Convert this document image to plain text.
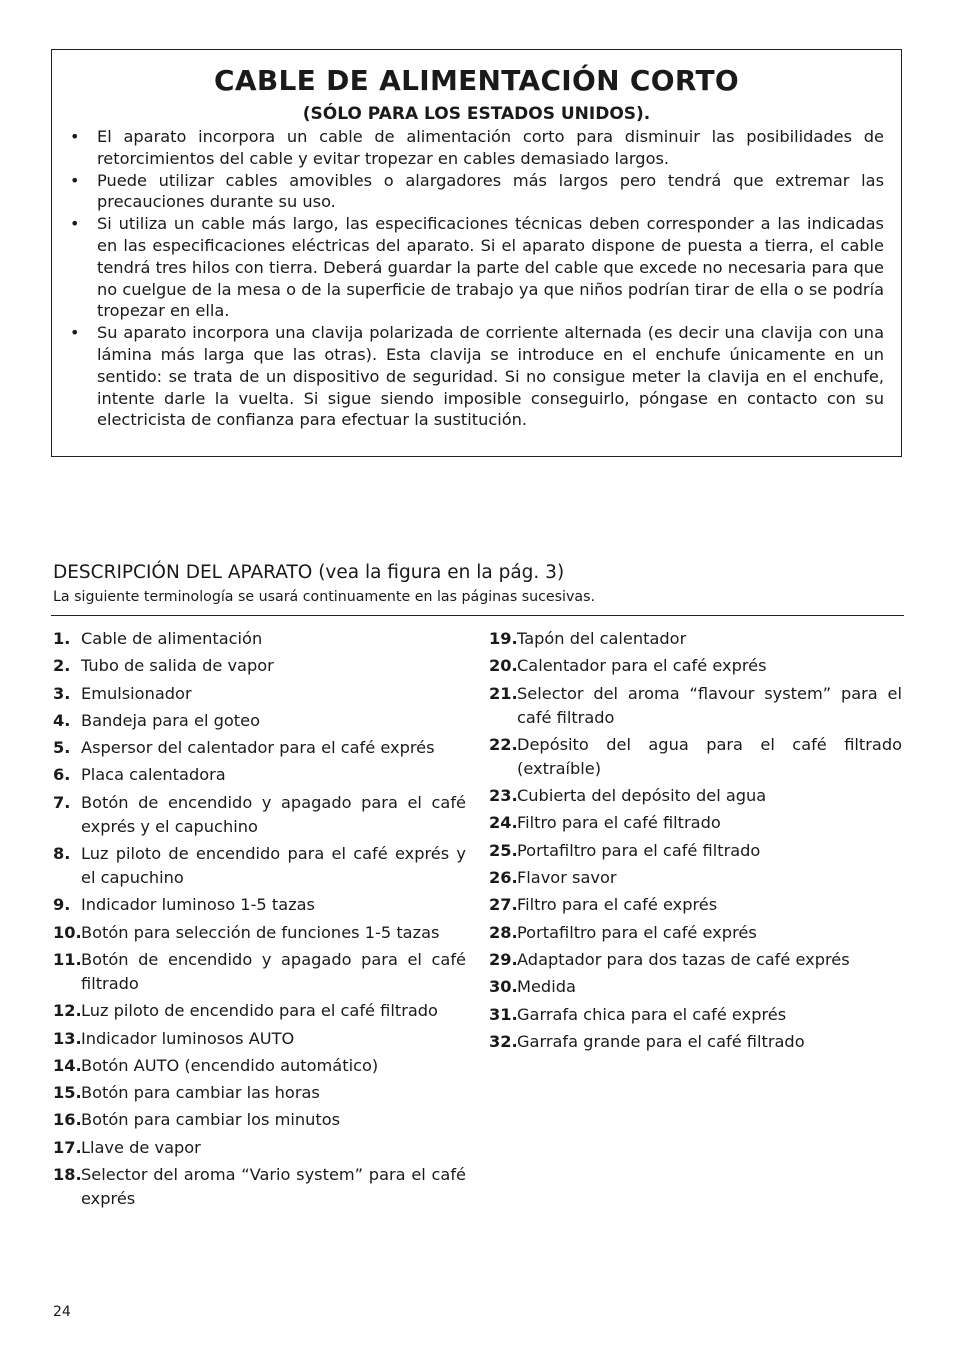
CABLE DE ALIMENTACIÓN CORTO
(SÓLO PARA LOS ESTADOS UNIDOS).
• El aparato incorpora un cable de alimentación corto para disminuir las posibilidades de retorcimientos del cable y evitar tropezar en cables demasiado largos.
• Puede utilizar cables amovibles o alargadores más largos pero tendrá que extremar las precauciones durante su uso.
• Si utiliza un cable más largo, las especificaciones técnicas deben corresponder a las indicadas en las especificaciones eléctricas del aparato. Si el aparato dispone de puesta a tierra, el cable tendrá tres hilos con tierra. Deberá guardar la parte del cable que excede no necesaria para que no cuelgue de la mesa o de la superficie de trabajo ya que niños podrían tirar de ella o se podría tropezar en ella.
• Su aparato incorpora una clavija polarizada de corriente alternada (es decir una clavija con una lámina más larga que las otras). Esta clavija se introduce en el enchufe únicamente en un sentido: se trata de un dispositivo de seguridad. Si no consigue meter la clavija en el enchufe, intente darle la vuelta. Si sigue siendo imposible conseguirlo, póngase en contacto con su electricista de confianza para efectuar la sustitución.
DESCRIPCIÓN DEL APARATO (vea la figura en la pág. 3)
La siguiente terminología se usará continuamente en las páginas sucesivas.
1. Cable de alimentación
2. Tubo de salida de vapor
3. Emulsionador
4. Bandeja para el goteo
5. Aspersor del calentador para el café exprés
6. Placa calentadora
7. Botón de encendido y apagado para el café exprés y el capuchino
8. Luz piloto de encendido para el café exprés y el capuchino
9. Indicador luminoso 1-5 tazas
10. Botón para selección de funciones 1-5 tazas
11. Botón de encendido y apagado para el café filtrado
12. Luz piloto de encendido para el café filtrado
13. Indicador luminosos AUTO
14. Botón AUTO (encendido automático)
15. Botón para cambiar las horas
16. Botón para cambiar los minutos
17. Llave de vapor
18. Selector del aroma “Vario system” para el café exprés
19. Tapón del calentador
20. Calentador para el café exprés
21. Selector del aroma “flavour system” para el café filtrado
22. Depósito del agua para el café filtrado (extraíble)
23. Cubierta del depósito del agua
24. Filtro para el café filtrado
25. Portafiltro para el café filtrado
26. Flavor savor
27. Filtro para el café exprés
28. Portafiltro para el café exprés
29. Adaptador para dos tazas de café exprés
30. Medida
31. Garrafa chica para el café exprés
32. Garrafa grande para el café filtrado
24
